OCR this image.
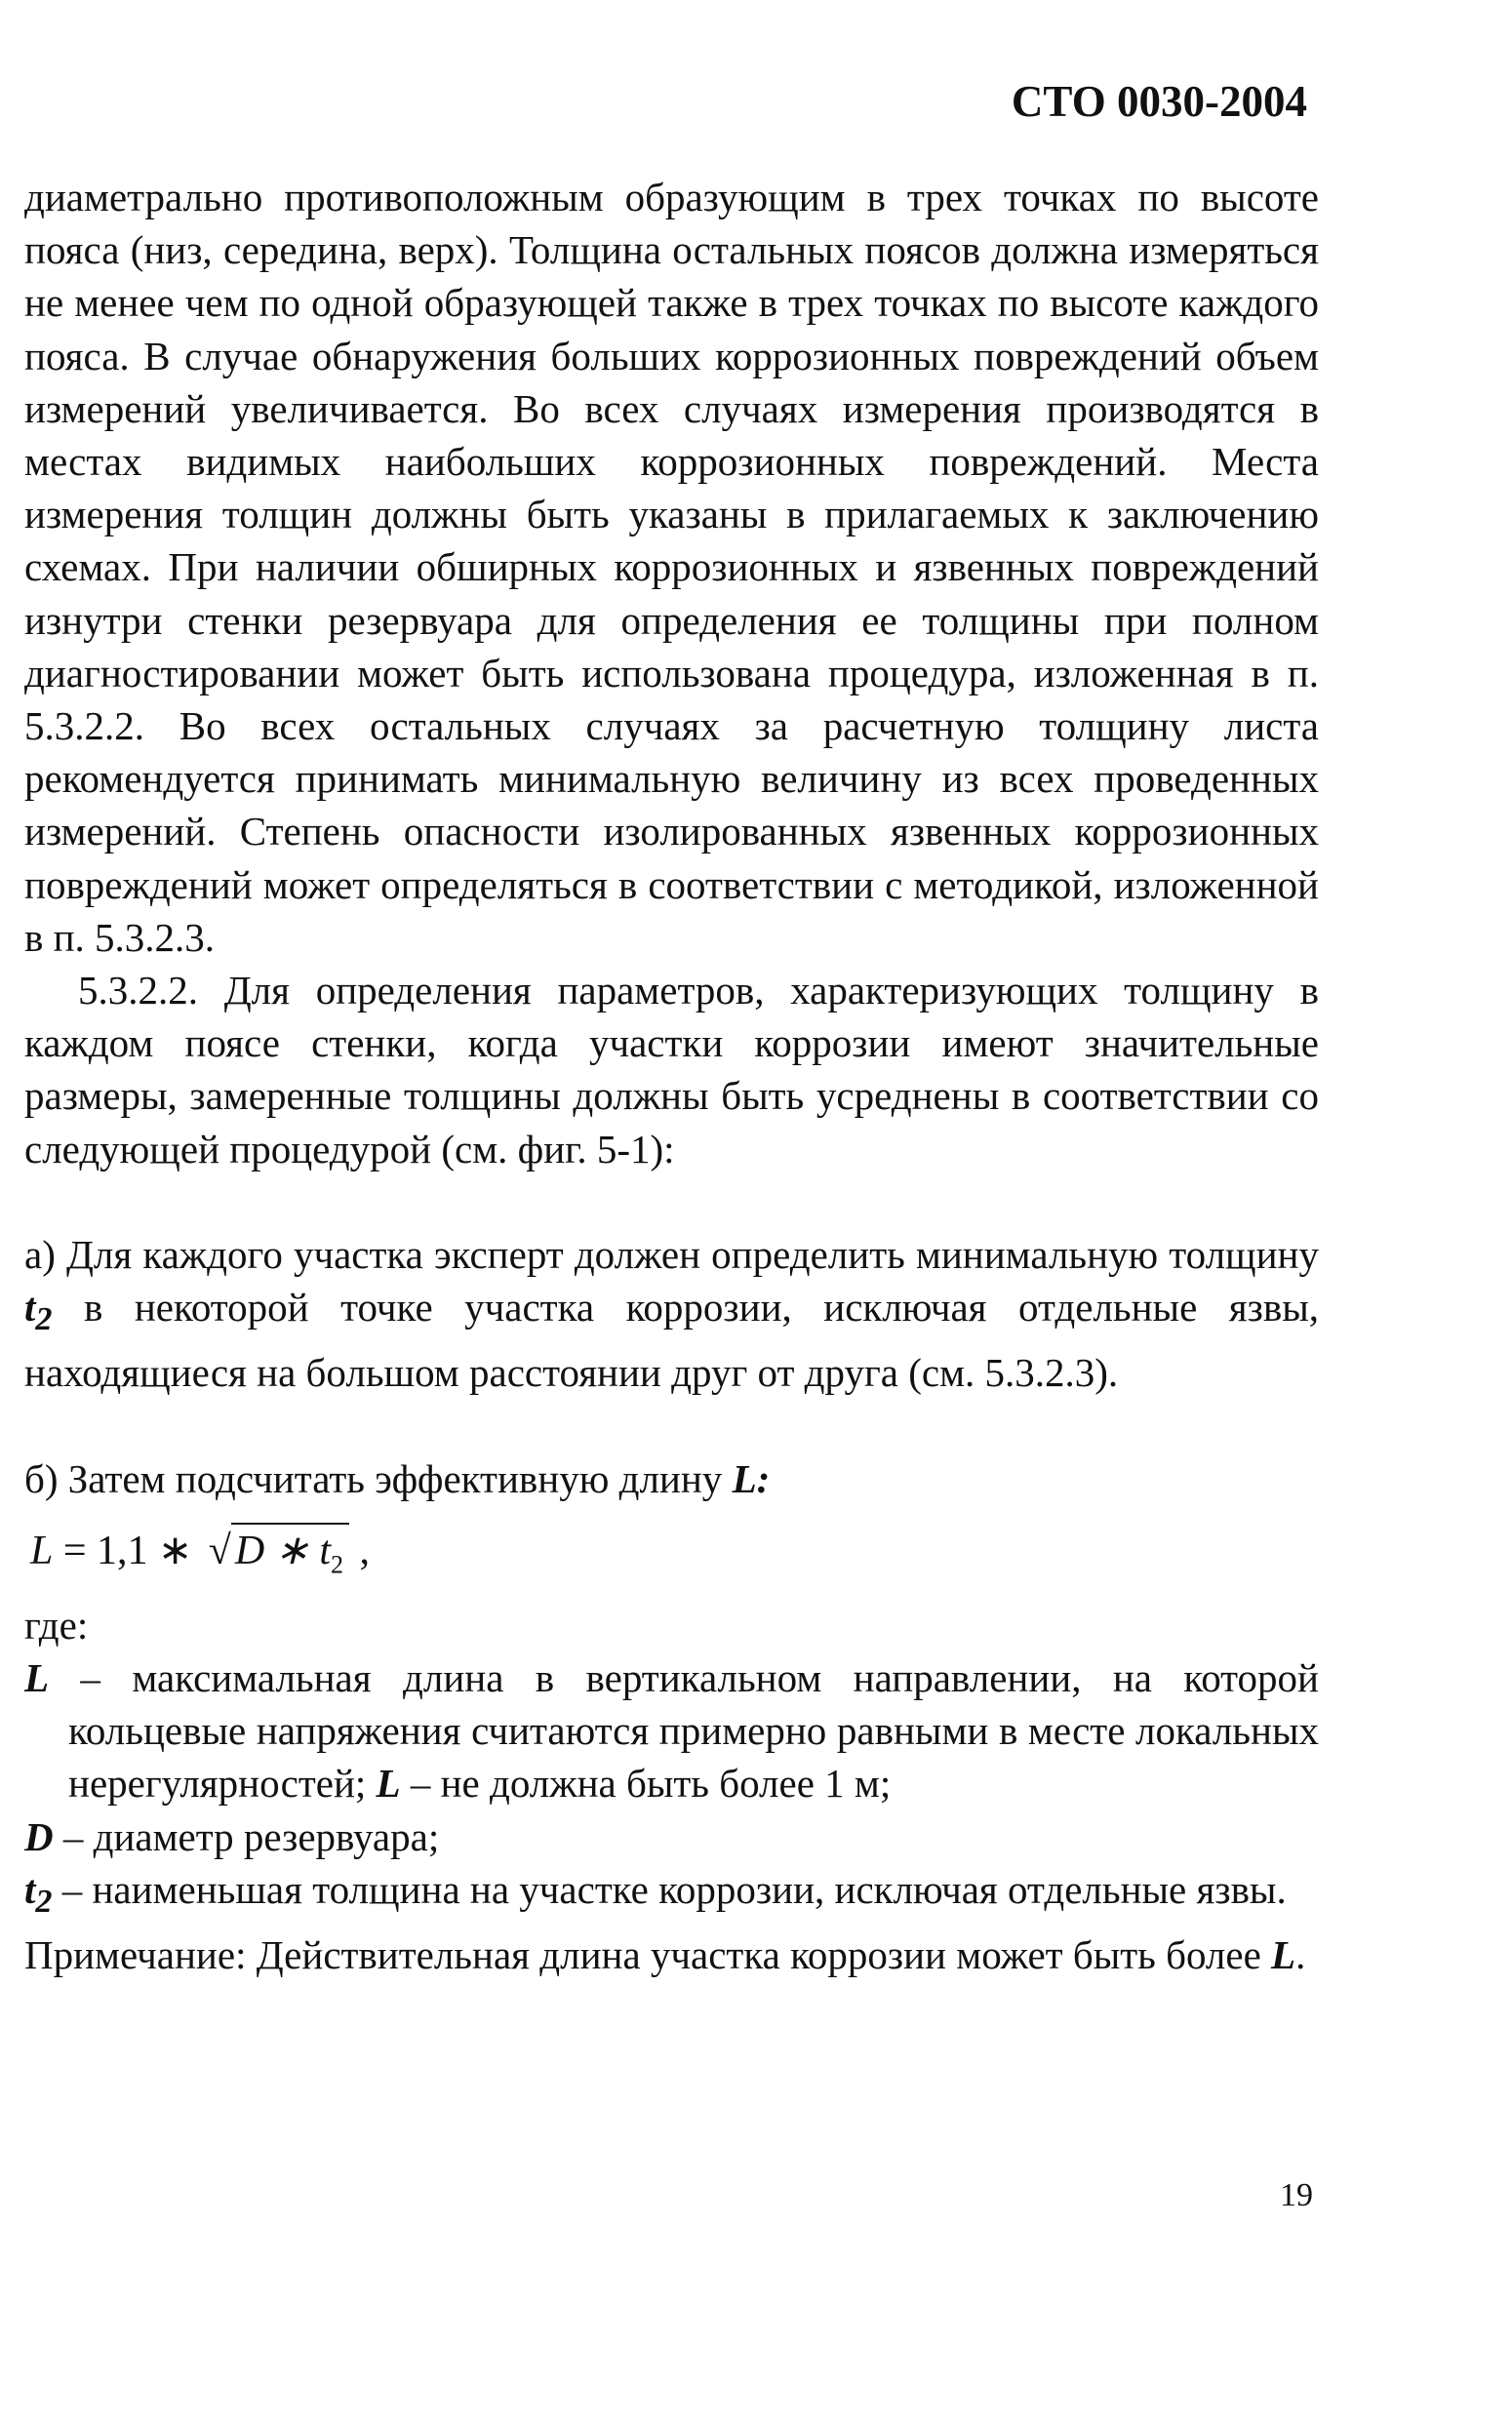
СТО 0030-2004

диаметрально противоположным образующим в трех точках по высоте пояса (низ, середина, верх). Толщина остальных поясов должна измеряться не менее чем по одной образующей также в трех точках по высоте каждого пояса. В случае обнаружения больших коррозионных повреждений объем измерений увеличивается. Во всех случаях измерения производятся в местах видимых наибольших коррозионных повреждений. Места измерения толщин должны быть указаны в прилагаемых к заключению схемах. При наличии обширных коррозионных и язвенных повреждений изнутри стенки резервуара для определения ее толщины при полном диагностировании может быть использована процедура, изложенная в п. 5.3.2.2. Во всех остальных случаях за расчетную толщину листа рекомендуется принимать минимальную величину из всех проведенных измерений. Степень опасности изолированных язвенных коррозионных повреждений может определяться в соответствии с методикой, изложенной в п. 5.3.2.3.

5.3.2.2. Для определения параметров, характеризующих толщину в каждом поясе стенки, когда участки коррозии имеют значительные размеры, замеренные толщины должны быть усреднены в соответствии со следующей процедурой (см. фиг. 5-1):

а) Для каждого участка эксперт должен определить минимальную толщину $t_2$ в некоторой точке участка коррозии, исключая отдельные язвы, находящиеся на большом расстоянии друг от друга (см. 5.3.2.3).

б) Затем подсчитать эффективную длину L:

L = 1,1 ∗ √D ∗ $t_2$ ,

где:

L – максимальная длина в вертикальном направлении, на которой кольцевые напряжения считаются примерно равными в месте локальных нерегулярностей; L – не должна быть более 1 м;

D – диаметр резервуара;

$t_2$ – наименьшая толщина на участке коррозии, исключая отдельные язвы.

Примечание: Действительная длина участка коррозии может быть более L.

19
